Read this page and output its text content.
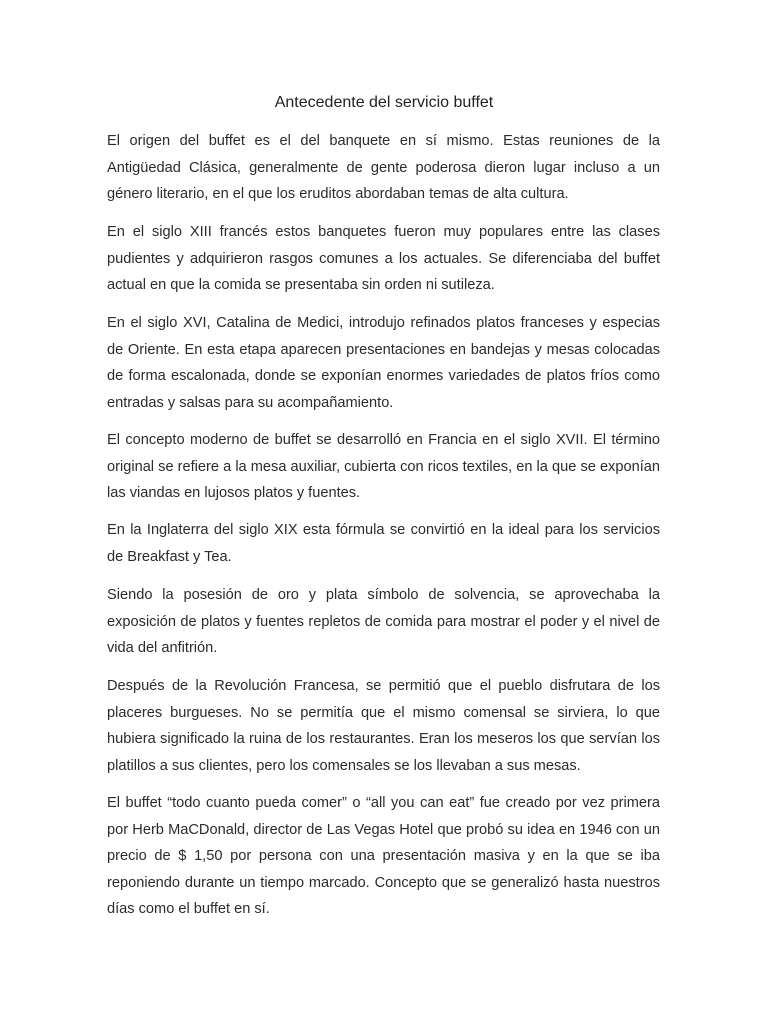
Antecedente del servicio buffet

El origen del buffet es el del banquete en sí mismo. Estas reuniones de la Antigüedad Clásica, generalmente de gente poderosa dieron lugar incluso a un género literario, en el que los eruditos abordaban temas de alta cultura.

En el siglo XIII francés estos banquetes fueron muy populares entre las clases pudientes y adquirieron rasgos comunes a los actuales. Se diferenciaba del buffet actual en que la comida se presentaba sin orden ni sutileza.

En el siglo XVI, Catalina de Medici, introdujo refinados platos franceses y especias de Oriente. En esta etapa aparecen presentaciones en bandejas y mesas colocadas de forma escalonada, donde se exponían enormes variedades de platos fríos como entradas y salsas para su acompañamiento.

El concepto moderno de buffet se desarrolló en Francia en el siglo XVII. El término original se refiere a la mesa auxiliar, cubierta con ricos textiles, en la que se exponían las viandas en lujosos platos y fuentes.

En la Inglaterra del siglo XIX esta fórmula se convirtió en la ideal para los servicios de Breakfast y Tea.

Siendo la posesión de oro y plata símbolo de solvencia, se aprovechaba la exposición de platos y fuentes repletos de comida para mostrar el poder y el nivel de vida del anfitrión.

Después de la Revolución Francesa, se permitió que el pueblo disfrutara de los placeres burgueses. No se permitía que el mismo comensal se sirviera, lo que hubiera significado la ruina de los restaurantes. Eran los meseros los que servían los platillos a sus clientes, pero los comensales se los llevaban a sus mesas.

El buffet “todo cuanto pueda comer” o “all you can eat” fue creado por vez primera por Herb MaCDonald, director de Las Vegas Hotel que probó su idea en 1946 con un precio de $ 1,50 por persona con una presentación masiva y en la que se iba reponiendo durante un tiempo marcado. Concepto que se generalizó hasta nuestros días como el buffet en sí.
